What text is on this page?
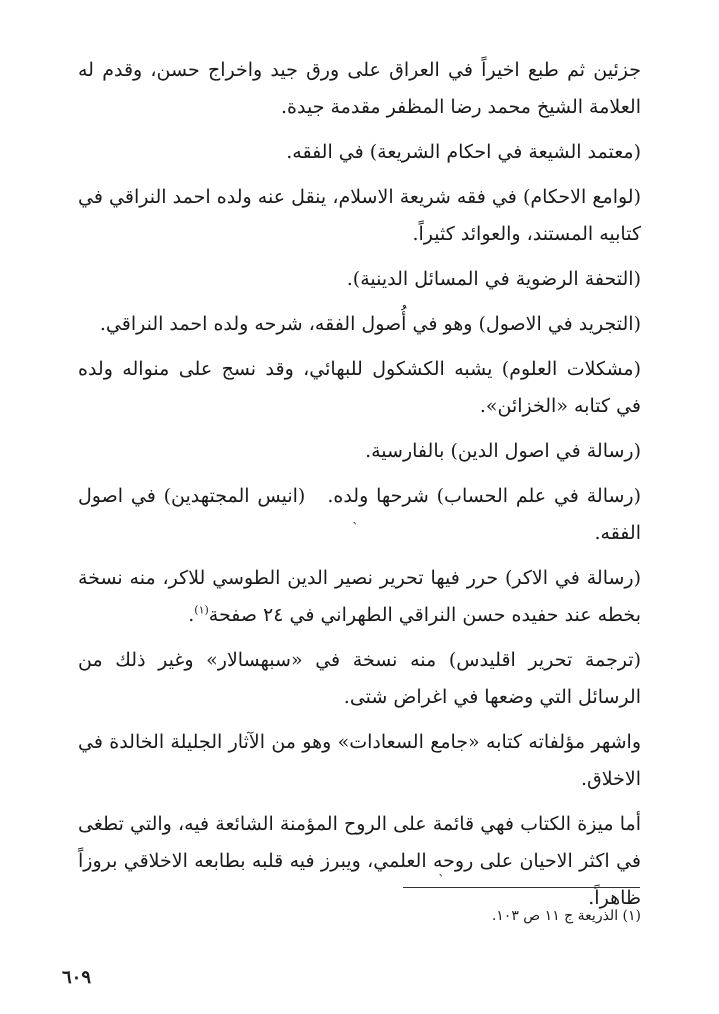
جزئين ثم طبع اخيراً في العراق على ورق جيد واخراج حسن، وقدم له العلامة الشيخ محمد رضا المظفر مقدمة جيدة.

(معتمد الشيعة في احكام الشريعة) في الفقه.

(لوامع الاحكام) في فقه شريعة الاسلام، ينقل عنه ولده احمد النراقي في كتابيه المستند، والعوائد كثيراً.

(التحفة الرضوية في المسائل الدينية).

(التجريد في الاصول) وهو في أُصول الفقه، شرحه ولده احمد النراقي.

(مشكلات العلوم) يشبه الكشكول للبهائي، وقد نسج على منواله ولده في كتابه «الخزائن».

(رسالة في اصول الدين) بالفارسية.

(رسالة في علم الحساب) شرحها ولده.(انيس المجتهدين) في اصول الفقه.

(رسالة في الاكر) حرر فيها تحرير نصير الدين الطوسي للاكر، منه نسخة بخطه عند حفيده حسن النراقي الطهراني في ٢٤ صفحة$^{(١)}$.

(ترجمة تحرير اقليدس) منه نسخة في «سبهسالار» وغير ذلك من الرسائل التي وضعها في اغراض شتى.

واشهر مؤلفاته كتابه «جامع السعادات» وهو من الآثار الجليلة الخالدة في الاخلاق.

أما ميزة الكتاب فهي قائمة على الروح المؤمنة الشائعة فيه، والتي تطغى في اكثر الاحيان على روحه العلمي، ويبرز فيه قلبه بطابعه الاخلاقي بروزاً ظاهراً.

`
`
(١) الذريعة ج ١١ ص ١٠٣.
٦٠٩
